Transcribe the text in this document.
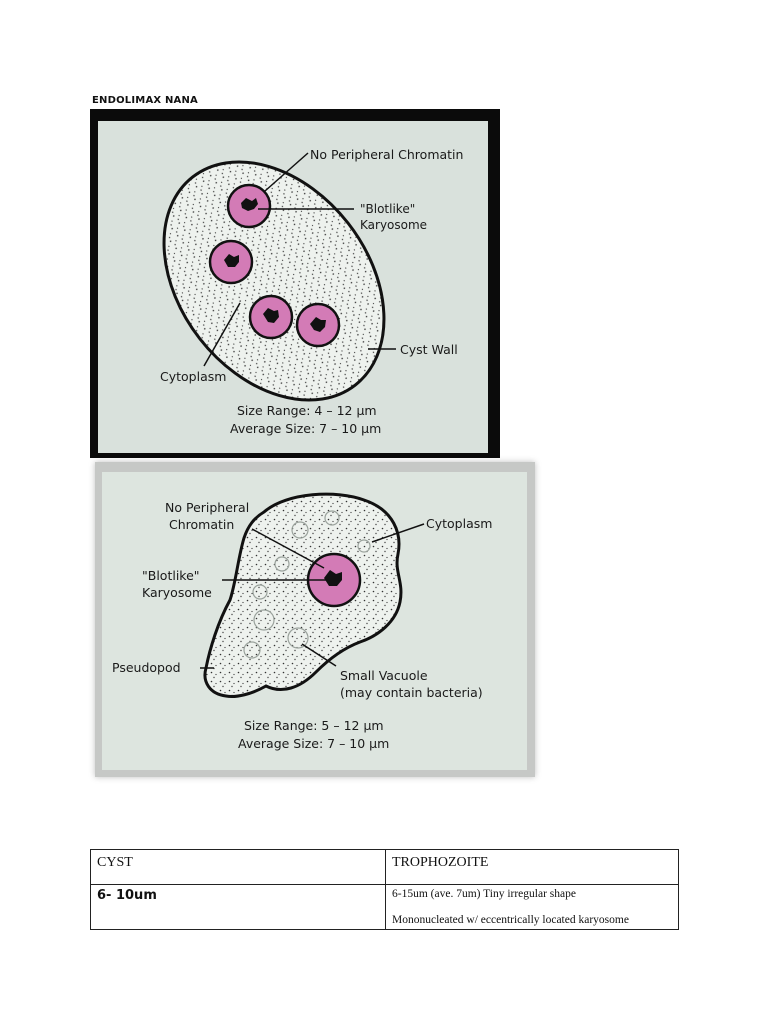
ENDOLIMAX NANA
No Peripheral Chromatin
"Blotlike"
Karyosome
Cytoplasm
Cyst Wall
Size Range: 4 – 12 µm
Average Size: 7 – 10 µm
No Peripheral
Chromatin
"Blotlike"
Karyosome
Cytoplasm
Pseudopod
Small Vacuole
(may contain bacteria)
Size Range: 5 – 12 µm
Average Size: 7 – 10 µm
CYST	TROPHOZOITE
6- 10um	6-15um (ave. 7um) Tiny irregular shape
Mononucleated w/ eccentrically located karyosome
